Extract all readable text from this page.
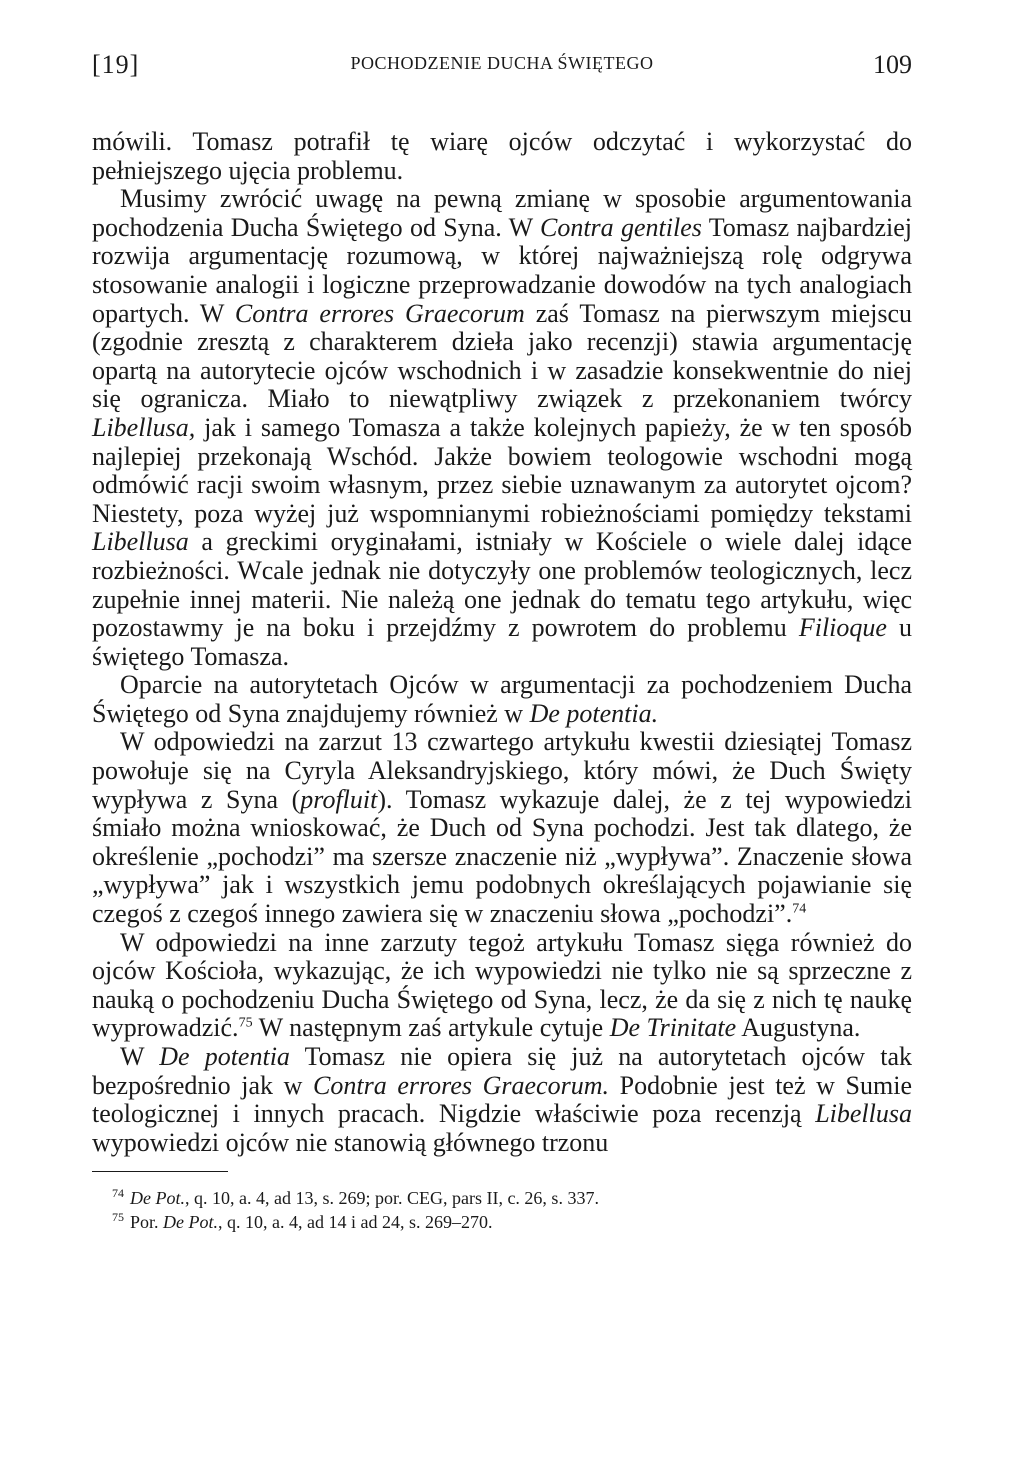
[19]	POCHODZENIE DUCHA ŚWIĘTEGO	109

mówili. Tomasz potrafił tę wiarę ojców odczytać i wykorzystać do pełniejszego ujęcia problemu.

Musimy zwrócić uwagę na pewną zmianę w sposobie argumentowania pochodzenia Ducha Świętego od Syna. W Contra gentiles Tomasz najbardziej rozwija argumentację rozumową, w której najważniejszą rolę odgrywa stosowanie analogii i logiczne przeprowadzanie dowodów na tych analogiach opartych. W Contra errores Graecorum zaś Tomasz na pierwszym miejscu (zgodnie zresztą z charakterem dzieła jako recenzji) stawia argumentację opartą na autorytecie ojców wschodnich i w zasadzie konsekwentnie do niej się ogranicza. Miało to niewątpliwy związek z przekonaniem twórcy Libellusa, jak i samego Tomasza a także kolejnych papieży, że w ten sposób najlepiej przekonają Wschód. Jakże bowiem teologowie wschodni mogą odmówić racji swoim własnym, przez siebie uznawanym za autorytet ojcom? Niestety, poza wyżej już wspomnianymi robieżnościami pomiędzy tekstami Libellusa a greckimi oryginałami, istniały w Kościele o wiele dalej idące rozbieżności. Wcale jednak nie dotyczyły one problemów teologicznych, lecz zupełnie innej materii. Nie należą one jednak do tematu tego artykułu, więc pozostawmy je na boku i przejdźmy z powrotem do problemu Filioque u świętego Tomasza.

Oparcie na autorytetach Ojców w argumentacji za pochodzeniem Ducha Świętego od Syna znajdujemy również w De potentia.

W odpowiedzi na zarzut 13 czwartego artykułu kwestii dziesiątej Tomasz powołuje się na Cyryla Aleksandryjskiego, który mówi, że Duch Święty wypływa z Syna (profluit). Tomasz wykazuje dalej, że z tej wypowiedzi śmiało można wnioskować, że Duch od Syna pochodzi. Jest tak dlatego, że określenie „pochodzi” ma szersze znaczenie niż „wypływa”. Znaczenie słowa „wypływa” jak i wszystkich jemu podobnych określających pojawianie się czegoś z czegoś innego zawiera się w znaczeniu słowa „pochodzi”.$^{74}$

W odpowiedzi na inne zarzuty tegoż artykułu Tomasz sięga również do ojców Kościoła, wykazując, że ich wypowiedzi nie tylko nie są sprzeczne z nauką o pochodzeniu Ducha Świętego od Syna, lecz, że da się z nich tę naukę wyprowadzić.$^{75}$ W następnym zaś artykule cytuje De Trinitate Augustyna.

W De potentia Tomasz nie opiera się już na autorytetach ojców tak bezpośrednio jak w Contra errores Graecorum. Podobnie jest też w Sumie teologicznej i innych pracach. Nigdzie właściwie poza recenzją Libellusa wypowiedzi ojców nie stanowią głównego trzonu

$^{74}$ De Pot., q. 10, a. 4, ad 13, s. 269; por. CEG, pars II, c. 26, s. 337.
$^{75}$ Por. De Pot., q. 10, a. 4, ad 14 i ad 24, s. 269–270.
